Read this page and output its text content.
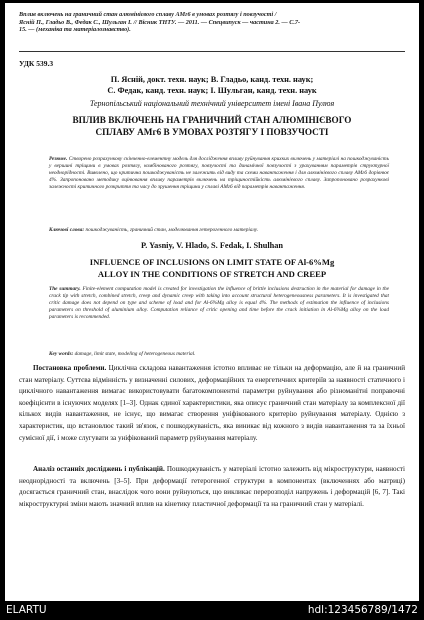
Вплив включень на граничний стан алюмінієвого сплаву АМг6 в умовах розтягу і повзучості /
Ясній П., Гладьо В., Федак С., Шульган І. // Вісник ТНТУ. — 2011. — Спецвипуск — частина 2. — С.7-
15. — (механіка та матеріалознавство).
УДК 539.3
П. Ясній, докт. техн. наук; В. Гладьо, канд. техн. наук;
С. Федак, канд. техн. наук; І. Шульган, канд. техн. наук
Тернопільський національний технічний університет імені Івана Пулюя
ВПЛИВ ВКЛЮЧЕНЬ НА ГРАНИЧНИЙ СТАН АЛЮМІНІЄВОГО
СПЛАВУ АМг6 В УМОВАХ РОЗТЯГУ І ПОВЗУЧОСТІ
Резюме. Створено розрахункову скінченно-елементну модель для дослідження впливу руйнування крихких включень у матеріалі на пошкоджуваність у вершині тріщини в умовах розтягу, комбінованого розтягу, повзучості та динамічної повзучості з урахуванням параметрів структурної неоднорідності. Виявлено, що критична пошкоджуваність не залежить від виду та схеми навантаження і для алюмінієвого сплаву АМг6 дорівнює 4%. Запропоновано методику оцінювання впливу параметрів включень на тріщиностійкість алюмінієвого сплаву. Запропоновано розрахункові залежності критичного розкриття та часу до зрушення тріщини у сплаві АМг6 від параметрів навантаження.
Ключові слова: пошкоджуваність, граничний стан, моделювання гетерогенного матеріалу.
P. Yasniy, V. Hlado, S. Fedak, I. Shulhan
INFLUENCE OF INCLUSIONS ON LIMIT STATE OF Al-6%Mg
ALLOY IN THE CONDITIONS OF STRETCH AND CREEP
The summary. Finite-element computation model is created for investigation the influence of brittle inclusions destruction in the material for damage in the crack tip with stretch, combined stretch, creep and dynamic creep with taking into account structural heterogeneousness parameters. It is investigated that critic damage does not depend on type and scheme of load and for Al-6%Mg alloy is equal 4%. The methods of estimation the influence of inclusions parameters on threshold of aluminium alloy. Computation reliance of critic opening and time before the crack initiation in Al-6%Mg alloy on the load parameters is recommended.
Key words: damage, limit state, modeling of heterogeneous material.
Постановка проблеми. Циклічна складова навантаження істотно впливає не тільки на деформацію, але й на граничний стан матеріалу. Суттєва відмінність у визначенні силових, деформаційних та енергетичних критеріїв за наявності статичного і циклічного навантаження вимагає використовувати багатокомпонентні параметри руйнування або різноманітні поправочні коефіцієнти в існуючих моделях [1–3]. Однак єдиної характеристики, яка описує граничний стан матеріалу за комплексної дії кількох видів навантаження, не існує, що вимагає створення уніфікованого критерію руйнування матеріалу. Однією з характеристик, що встановлює такий зв'язок, є пошкоджуваність, яка виникає від кожного з видів навантаження та за їхньої сумісної дії, і може слугувати за уніфікований параметр руйнування матеріалу.
Аналіз останніх досліджень і публікацій. Пошкоджуваність у матеріалі істотно залежить від мікроструктури, наявності неоднорідності та включень [3–5]. При деформації гетерогенної структури в компонентах (включеннях або матриці) досягається граничний стан, внаслідок чого вони руйнуються, що викликає перерозподіл напружень і деформацій [6, 7]. Такі мікроструктурні зміни мають значний вплив на кінетику пластичної деформації та на граничний стан у матеріалі.
ELARTU	hdl:123456789/1472
